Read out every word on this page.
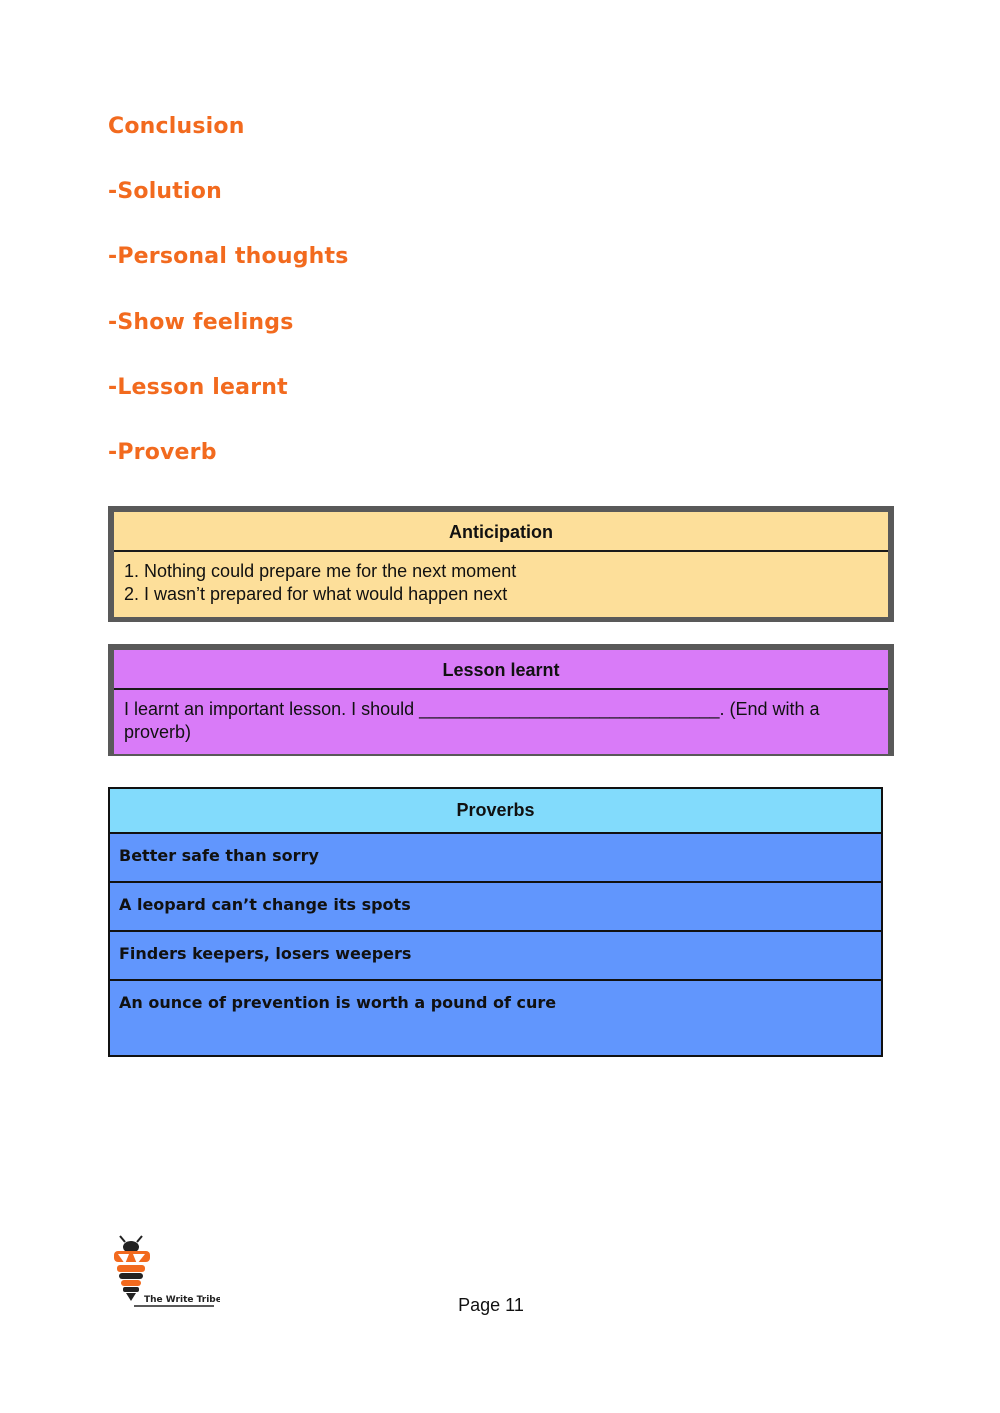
Conclusion
-Solution
-Personal thoughts
-Show feelings
-Lesson learnt
-Proverb
Anticipation
1. Nothing could prepare me for the next moment
2. I wasn’t prepared for what would happen next
Lesson learnt
I learnt an important lesson. I should ______________________________. (End with a proverb)
Proverbs
Better safe than sorry
A leopard can’t change its spots
Finders keepers, losers weepers
An ounce of prevention is worth a pound of cure
The Write Tribe	Page 11
